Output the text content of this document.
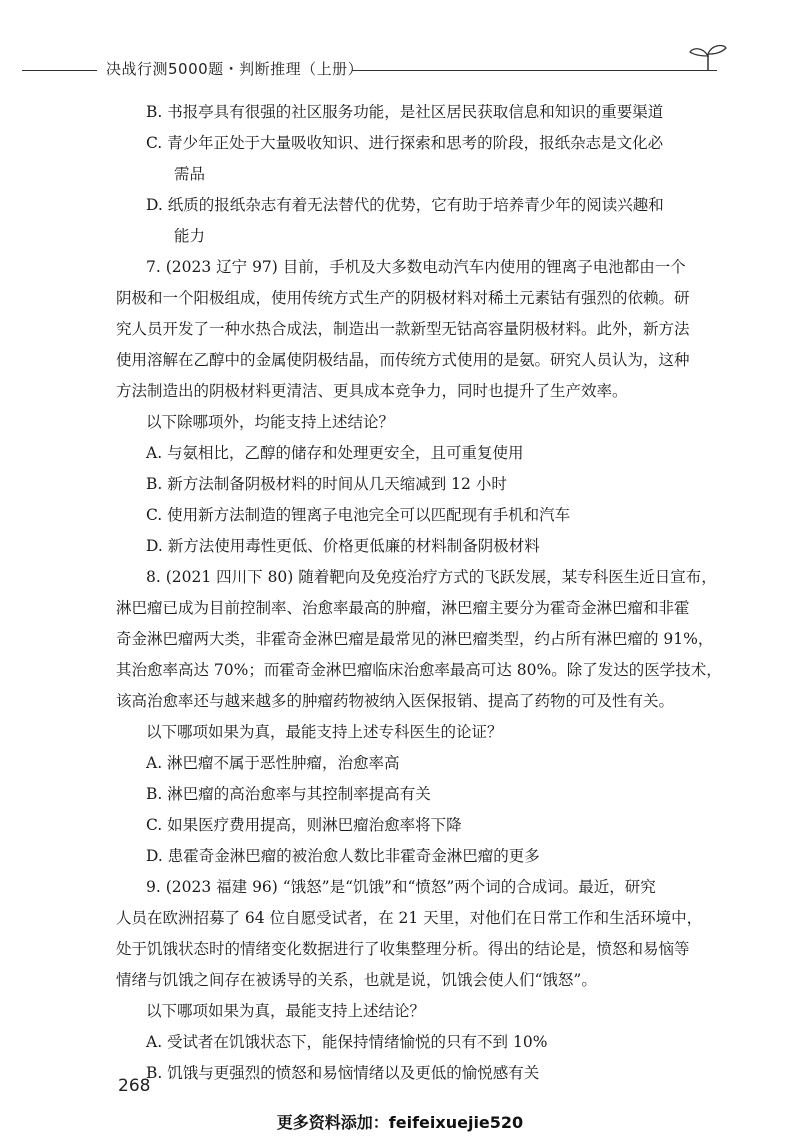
决战行测5000题・判断推理（上册）
B. 书报亭具有很强的社区服务功能，是社区居民获取信息和知识的重要渠道
C. 青少年正处于大量吸收知识、进行探索和思考的阶段，报纸杂志是文化必
需品
D. 纸质的报纸杂志有着无法替代的优势，它有助于培养青少年的阅读兴趣和
能力
7. (2023 辽宁 97) 目前，手机及大多数电动汽车内使用的锂离子电池都由一个
阴极和一个阳极组成，使用传统方式生产的阴极材料对稀土元素钴有强烈的依赖。研
究人员开发了一种水热合成法，制造出一款新型无钴高容量阴极材料。此外，新方法
使用溶解在乙醇中的金属使阴极结晶，而传统方式使用的是氨。研究人员认为，这种
方法制造出的阴极材料更清洁、更具成本竞争力，同时也提升了生产效率。
以下除哪项外，均能支持上述结论？
A. 与氨相比，乙醇的储存和处理更安全，且可重复使用
B. 新方法制备阴极材料的时间从几天缩减到 12 小时
C. 使用新方法制造的锂离子电池完全可以匹配现有手机和汽车
D. 新方法使用毒性更低、价格更低廉的材料制备阴极材料
8. (2021 四川下 80) 随着靶向及免疫治疗方式的飞跃发展，某专科医生近日宣布，
淋巴瘤已成为目前控制率、治愈率最高的肿瘤，淋巴瘤主要分为霍奇金淋巴瘤和非霍
奇金淋巴瘤两大类，非霍奇金淋巴瘤是最常见的淋巴瘤类型，约占所有淋巴瘤的 91%，
其治愈率高达 70%；而霍奇金淋巴瘤临床治愈率最高可达 80%。除了发达的医学技术，
该高治愈率还与越来越多的肿瘤药物被纳入医保报销、提高了药物的可及性有关。
以下哪项如果为真，最能支持上述专科医生的论证？
A. 淋巴瘤不属于恶性肿瘤，治愈率高
B. 淋巴瘤的高治愈率与其控制率提高有关
C. 如果医疗费用提高，则淋巴瘤治愈率将下降
D. 患霍奇金淋巴瘤的被治愈人数比非霍奇金淋巴瘤的更多
9. (2023 福建 96) “饿怒”是“饥饿”和“愤怒”两个词的合成词。最近，研究
人员在欧洲招募了 64 位自愿受试者，在 21 天里，对他们在日常工作和生活环境中，
处于饥饿状态时的情绪变化数据进行了收集整理分析。得出的结论是，愤怒和易恼等
情绪与饥饿之间存在被诱导的关系，也就是说，饥饿会使人们“饿怒”。
以下哪项如果为真，最能支持上述结论？
A. 受试者在饥饿状态下，能保持情绪愉悦的只有不到 10%
B. 饥饿与更强烈的愤怒和易恼情绪以及更低的愉悦感有关
268
更多资料添加：feifeixuejie520
